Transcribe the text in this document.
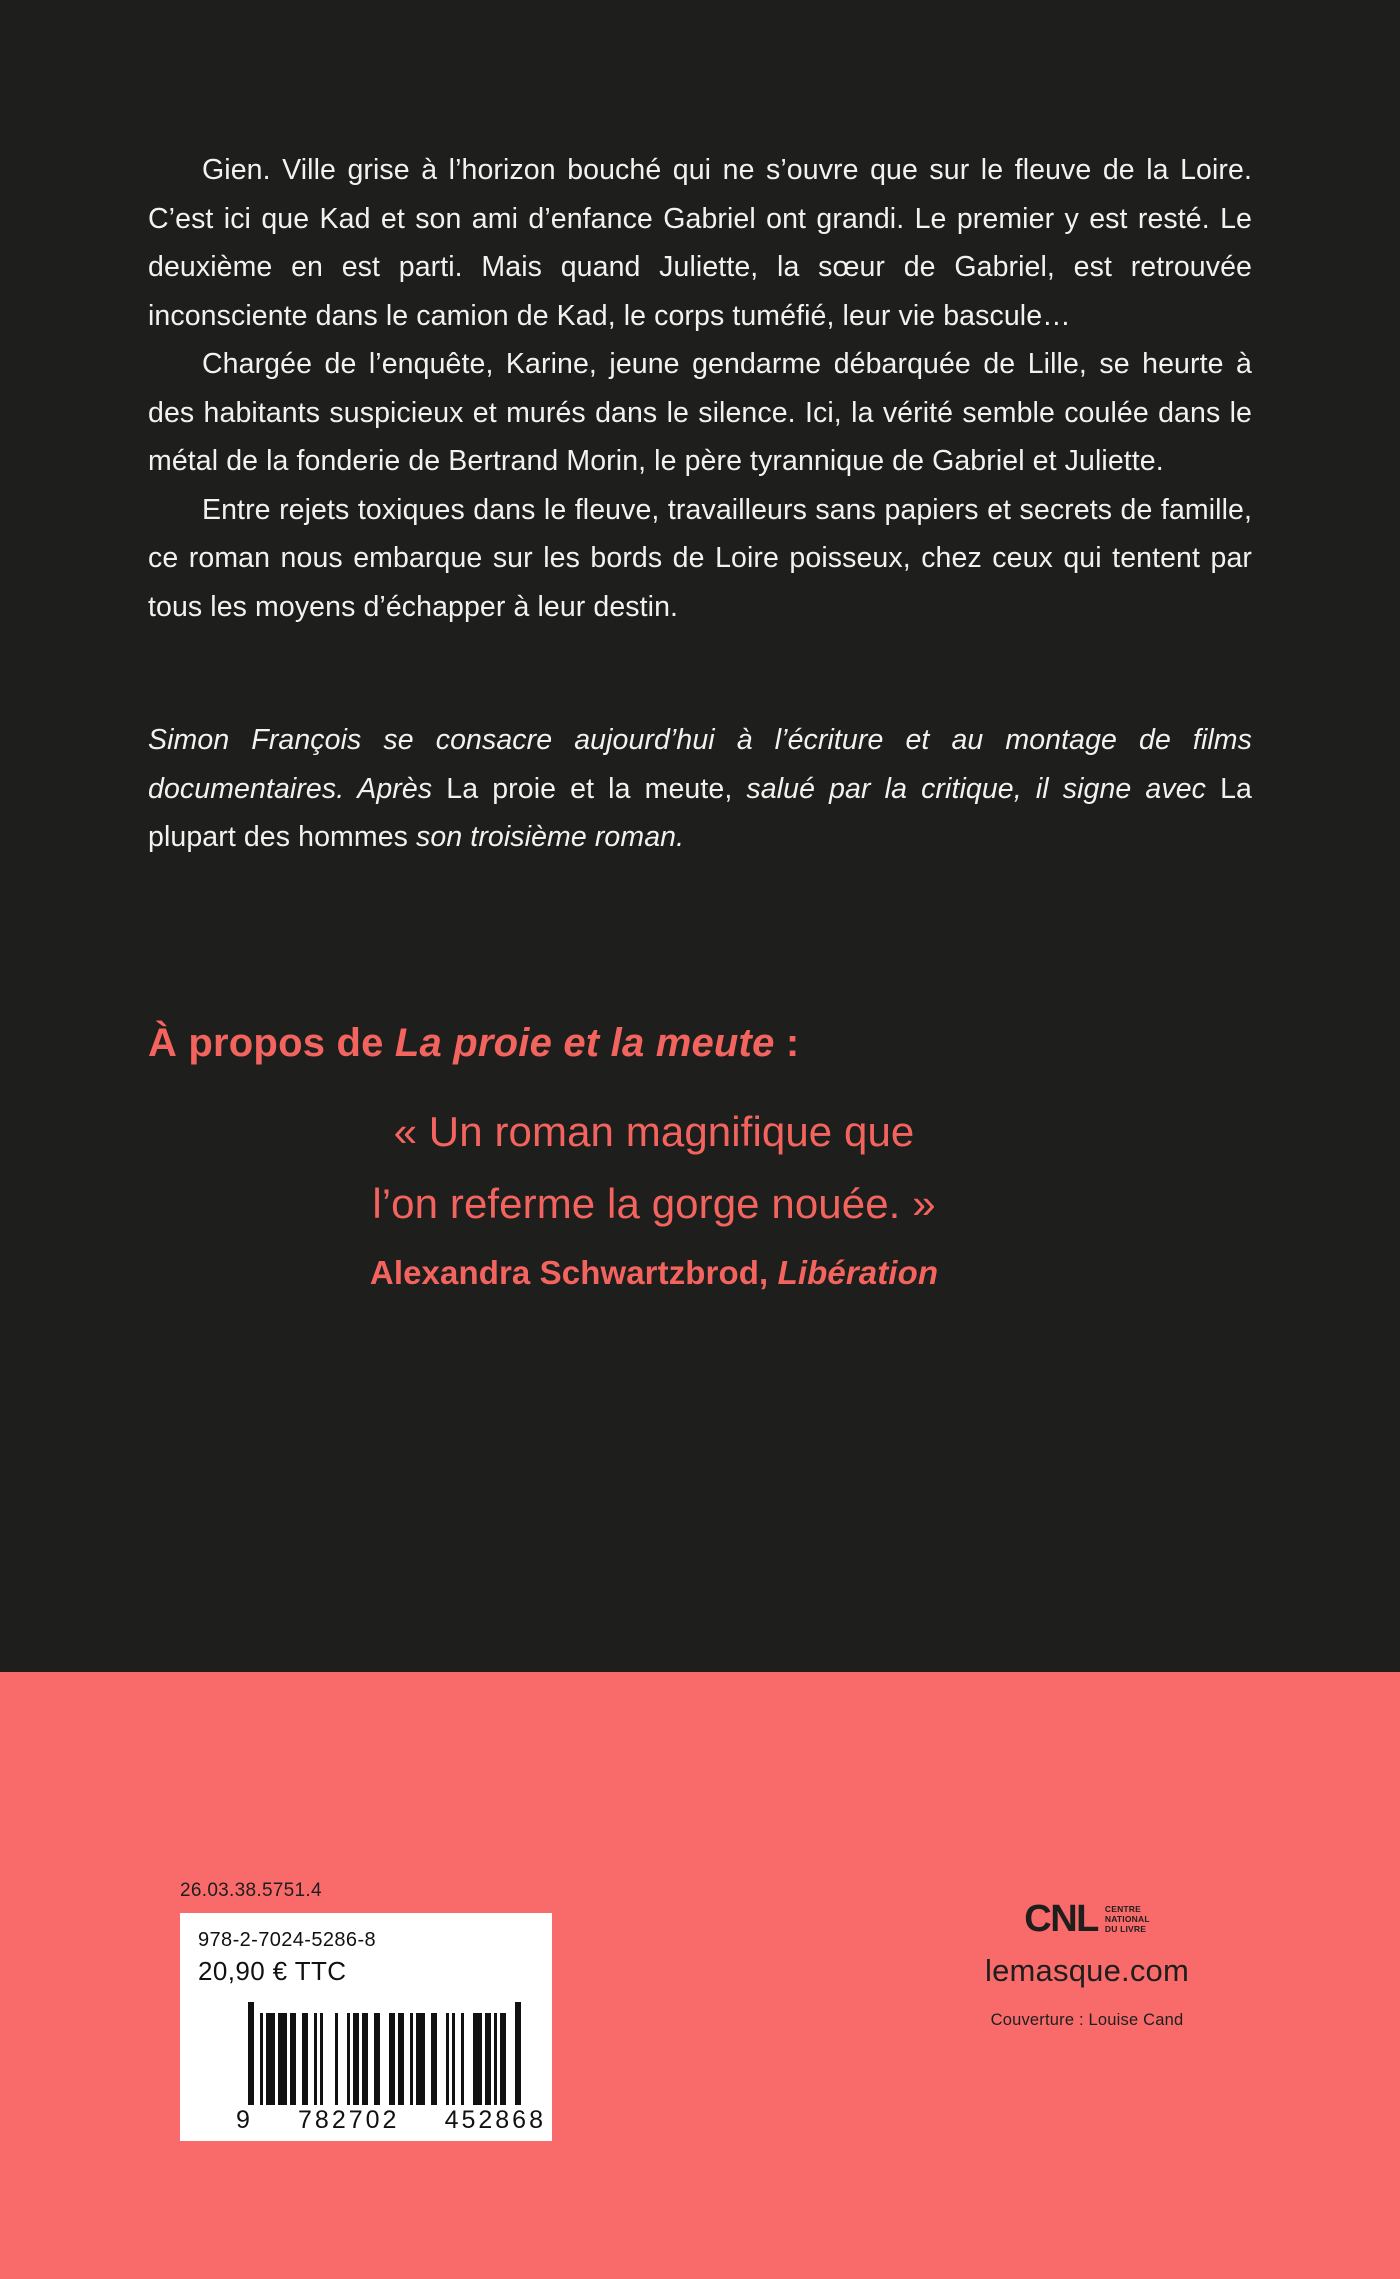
Gien. Ville grise à l’horizon bouché qui ne s’ouvre que sur le fleuve de la Loire. C’est ici que Kad et son ami d’enfance Gabriel ont grandi. Le premier y est resté. Le deuxième en est parti. Mais quand Juliette, la sœur de Gabriel, est retrouvée inconsciente dans le camion de Kad, le corps tuméfié, leur vie bascule…

Chargée de l’enquête, Karine, jeune gendarme débarquée de Lille, se heurte à des habitants suspicieux et murés dans le silence. Ici, la vérité semble coulée dans le métal de la fonderie de Bertrand Morin, le père tyrannique de Gabriel et Juliette.

Entre rejets toxiques dans le fleuve, travailleurs sans papiers et secrets de famille, ce roman nous embarque sur les bords de Loire poisseux, chez ceux qui tentent par tous les moyens d’échapper à leur destin.

Simon François se consacre aujourd’hui à l’écriture et au montage de films documentaires. Après La proie et la meute, salué par la critique, il signe avec La plupart des hommes son troisième roman.
À propos de La proie et la meute :
« Un roman magnifique que
l’on referme la gorge nouée. »
Alexandra Schwartzbrod, Libération
26.03.38.5751.4
978-2-7024-5286-8
20,90 € TTC
9 782702 452868
CNL CENTRE
NATIONAL
DU LIVRE
lemasque.com
Couverture : Louise Cand
